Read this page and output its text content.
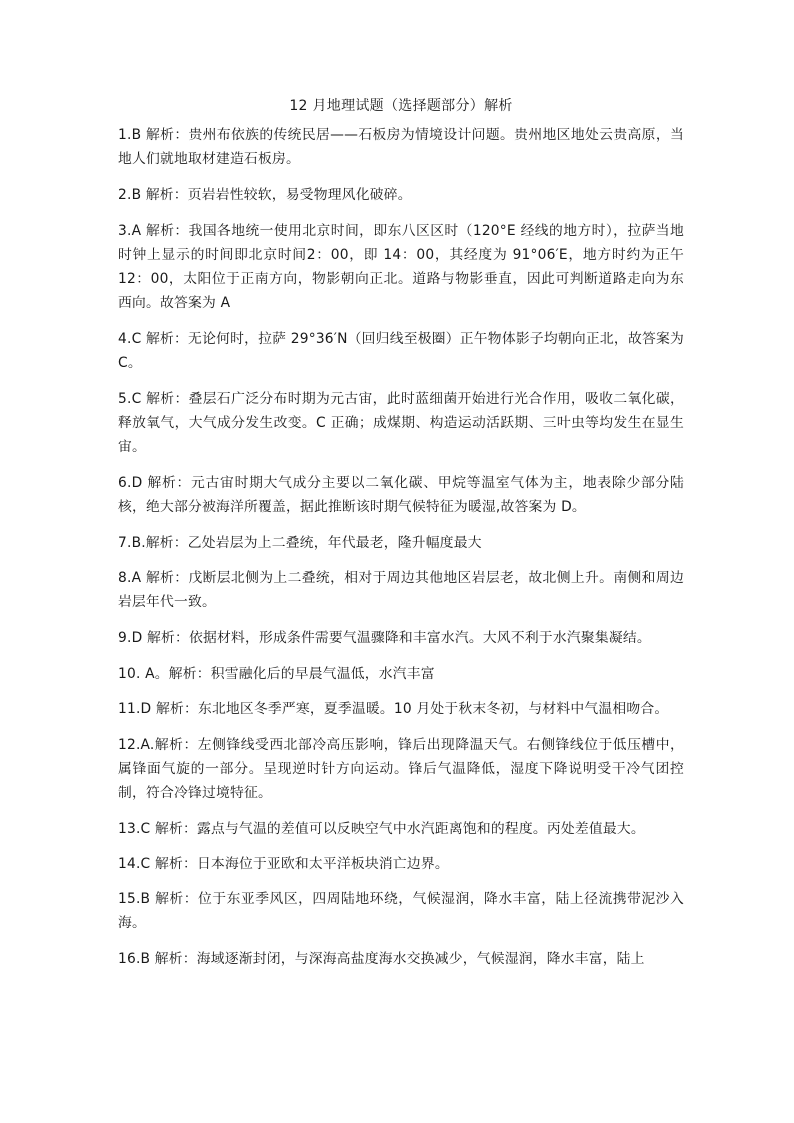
12 月地理试题（选择题部分）解析

1.B 解析：贵州布依族的传统民居——石板房为情境设计问题。贵州地区地处云贵高原，当地人们就地取材建造石板房。

2.B 解析：页岩岩性较软，易受物理风化破碎。

3.A 解析：我国各地统一使用北京时间，即东八区区时（120°E 经线的地方时），拉萨当地时钟上显示的时间即北京时间2：00，即 14：00，其经度为 91°06′E，地方时约为正午 12：00，太阳位于正南方向，物影朝向正北。道路与物影垂直，因此可判断道路走向为东西向。故答案为 A

4.C 解析：无论何时，拉萨 29°36′N（回归线至极圈）正午物体影子均朝向正北，故答案为 C。

5.C 解析：叠层石广泛分布时期为元古宙，此时蓝细菌开始进行光合作用，吸收二氧化碳，释放氧气，大气成分发生改变。C 正确；成煤期、构造运动活跃期、三叶虫等均发生在显生宙。

6.D 解析：元古宙时期大气成分主要以二氧化碳、甲烷等温室气体为主，地表除少部分陆核，绝大部分被海洋所覆盖，据此推断该时期气候特征为暖湿,故答案为 D。

7.B.解析：乙处岩层为上二叠统，年代最老，隆升幅度最大

8.A 解析：戊断层北侧为上二叠统，相对于周边其他地区岩层老，故北侧上升。南侧和周边岩层年代一致。

9.D 解析：依据材料，形成条件需要气温骤降和丰富水汽。大风不利于水汽聚集凝结。

10. A。解析：积雪融化后的早晨气温低，水汽丰富

11.D 解析：东北地区冬季严寒，夏季温暖。10 月处于秋末冬初，与材料中气温相吻合。

12.A.解析：左侧锋线受西北部冷高压影响，锋后出现降温天气。右侧锋线位于低压槽中，属锋面气旋的一部分。呈现逆时针方向运动。锋后气温降低，湿度下降说明受干冷气团控制，符合冷锋过境特征。

13.C 解析：露点与气温的差值可以反映空气中水汽距离饱和的程度。丙处差值最大。

14.C 解析：日本海位于亚欧和太平洋板块消亡边界。

15.B 解析：位于东亚季风区，四周陆地环绕，气候湿润，降水丰富，陆上径流携带泥沙入海。

16.B 解析：海域逐渐封闭，与深海高盐度海水交换减少，气候湿润，降水丰富，陆上
